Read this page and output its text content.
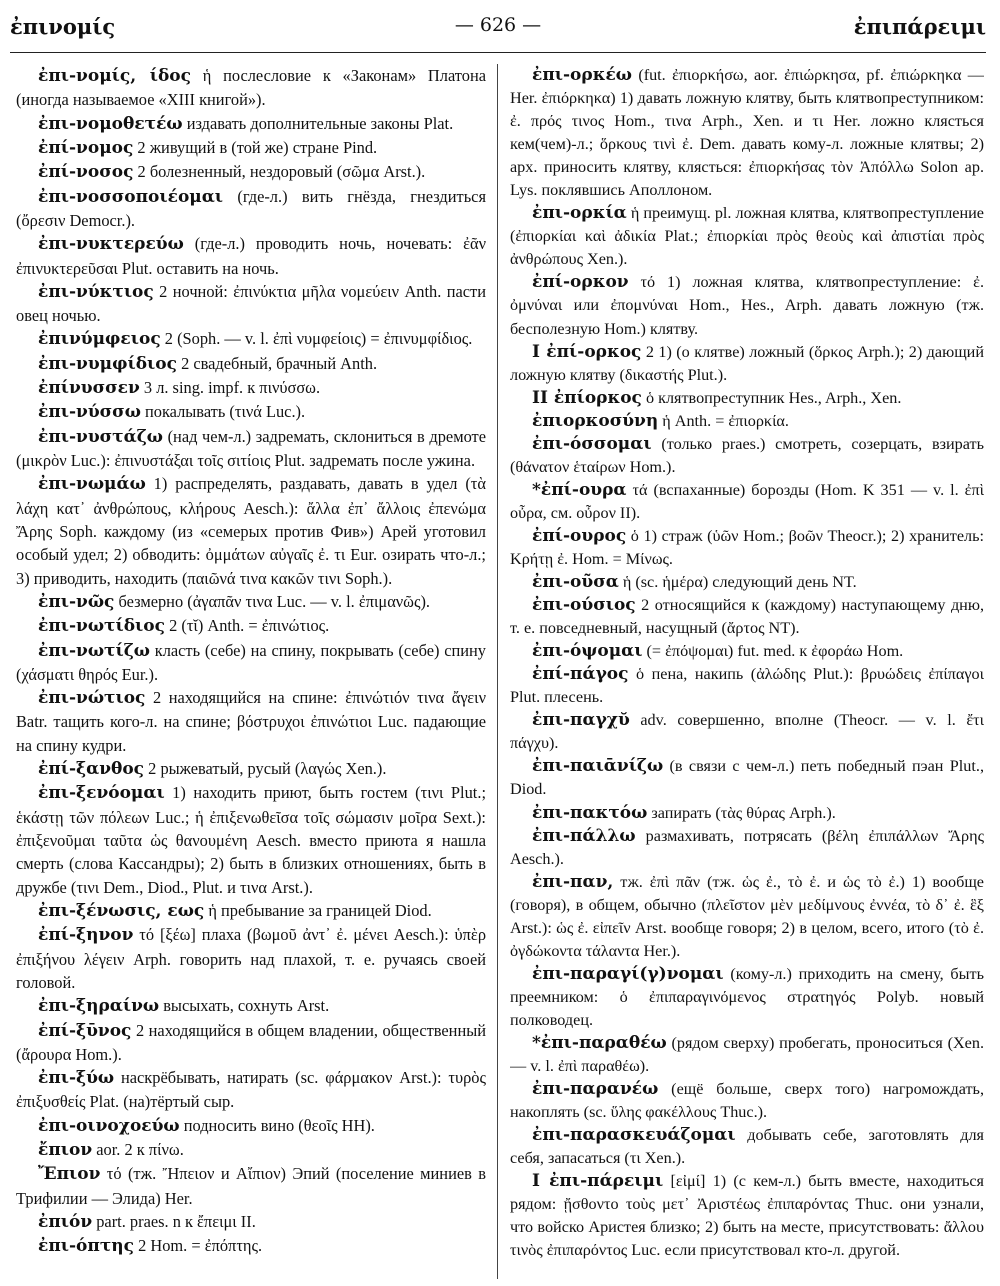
ἐπινομίς	— 626 —	ἐπιπάρειμι

ἐπι-νομίς, ίδος ἡ послесловие к «Законам» Платона (иногда называемое «XIII книгой»).

ἐπι-νομοθετέω издавать дополнительные законы Plat.

ἐπί-νομος 2 живущий в (той же) стране Pind.

ἐπί-νοσος 2 болезненный, нездоровый (σῶμα Arst.).

ἐπι-νοσσοποιέομαι (где-л.) вить гнёзда, гнездиться (ὄρεσιν Democr.).

ἐπι-νυκτερεύω (где-л.) проводить ночь, ночевать: ἐᾶν ἐπινυκτερεῦσαι Plut. оставить на ночь.

ἐπι-νύκτιος 2 ночной: ἐπινύκτια μῆλα νομεύειν Anth. пасти овец ночью.

ἐπινύμφειος 2 (Soph. — v. l. ἐπὶ νυμφείοις) = ἐπινυμφίδιος.

ἐπι-νυμφίδιος 2 свадебный, брачный Anth.

ἐπίνυσσεν 3 л. sing. impf. к πινύσσω.

ἐπι-νύσσω покалывать (τινά Luc.).

ἐπι-νυστάζω (над чем-л.) задремать, склониться в дремоте (μικρὸν Luc.): ἐπινυστάξαι τοῖς σιτίοις Plut. задремать после ужина.

ἐπι-νωμάω 1) распределять, раздавать, давать в удел (τὰ λάχη κατ᾽ ἀνθρώπους, κλήρους Aesch.): ἄλλα ἐπ᾽ ἄλλοις ἐπενώμα Ἄρης Soph. каждому (из «семерых против Фив») Арей уготовил особый удел; 2) обводить: ὀμμάτων αὐγαῖς ἐ. τι Eur. озирать что-л.; 3) приводить, находить (παιῶνά τινα κακῶν τινι Soph.).

ἐπι-νῶς безмерно (ἀγαπᾶν τινα Luc. — v. l. ἐπιμανῶς).

ἐπι-νωτίδιος 2 (τῐ) Anth. = ἐπινώτιος.

ἐπι-νωτίζω класть (себе) на спину, покрывать (себе) спину (χάσματι θηρός Eur.).

ἐπι-νώτιος 2 находящийся на спине: ἐπινώτιόν τινα ἄγειν Batr. тащить кого-л. на спине; βόστρυχοι ἐπινώτιοι Luc. падающие на спину кудри.

ἐπί-ξανθος 2 рыжеватый, русый (λαγώς Xen.).

ἐπι-ξενόομαι 1) находить приют, быть гостем (τινι Plut.; ἑκάστῃ τῶν πόλεων Luc.; ἡ ἐπιξενωθεῖσα τοῖς σώμασιν μοῖρα Sext.): ἐπιξενοῦμαι ταῦτα ὡς θανουμένη Aesch. вместо приюта я нашла смерть (слова Кассандры); 2) быть в близких отношениях, быть в дружбе (τινι Dem., Diod., Plut. и τινα Arst.).

ἐπι-ξένωσις, εως ἡ пребывание за границей Diod.

ἐπί-ξηνον τό [ξέω] плаха (βωμοῦ ἀντ᾽ ἐ. μένει Aesch.): ὑπὲρ ἐπιξήνου λέγειν Arph. говорить над плахой, т. е. ручаясь своей головой.

ἐπι-ξηραίνω высыхать, сохнуть Arst.

ἐπί-ξῡνος 2 находящийся в общем владении, общественный (ἄρουρα Hom.).

ἐπι-ξύω наскрёбывать, натирать (sc. φάρμακον Arst.): τυρὸς ἐπιξυσθείς Plat. (на)тёртый сыр.

ἐπι-οινοχοεύω подносить вино (θεοῖς HH).

ἔπιον aor. 2 к πίνω.

Ἔπιον τό (тж. Ἤπειον и Αἴπιον) Эпий (поселение миниев в Трифилии — Элида) Her.

ἐπιόν part. praes. n к ἔπειμι II.

ἐπι-όπτης 2 Hom. = ἐπόπτης.

ἐπι-ορκέω (fut. ἐπιορκήσω, aor. ἐπιώρκησα, pf. ἐπιώρκηκα — Her. ἐπιόρκηκα) 1) давать ложную клятву, быть клятвопреступником: ἐ. πρός τινος Hom., τινα Arph., Xen. и τι Her. ложно клясться кем(чем)-л.; ὅρκους τινὶ ἐ. Dem. давать кому-л. ложные клятвы; 2) арх. приносить клятву, клясться: ἐπιορκήσας τὸν Ἀπόλλω Solon ap. Lys. поклявшись Аполлоном.

ἐπι-ορκία ἡ преимущ. pl. ложная клятва, клятвопреступление (ἐπιορκίαι καὶ ἀδικία Plat.; ἐπιορκίαι πρὸς θεοὺς καὶ ἀπιστίαι πρὸς ἀνθρώπους Xen.).

ἐπί-ορκον τό 1) ложная клятва, клятвопреступление: ἐ. ὀμνύναι или ἐπομνύναι Hom., Hes., Arph. давать ложную (тж. бесполезную Hom.) клятву.

I ἐπί-ορκος 2 1) (о клятве) ложный (ὅρκος Arph.); 2) дающий ложную клятву (δικαστής Plut.).

II ἐπίορκος ὁ клятвопреступник Hes., Arph., Xen.

ἐπιορκοσύνη ἡ Anth. = ἐπιορκία.

ἐπι-όσσομαι (только praes.) смотреть, созерцать, взирать (θάνατον ἑταίρων Hom.).

*ἐπί-ουρα τά (вспаханные) борозды (Hom. K 351 — v. l. ἐπὶ οὖρα, см. οὖρον II).

ἐπί-ουρος ὁ 1) страж (ὑῶν Hom.; βοῶν Theocr.); 2) хранитель: Κρήτῃ ἐ. Hom. = Μίνως.

ἐπι-οῦσα ἡ (sc. ἡμέρα) следующий день NT.

ἐπι-ούσιος 2 относящийся к (каждому) наступающему дню, т. е. повседневный, насущный (ἄρτος NT).

ἐπι-όψομαι (= ἐπόψομαι) fut. med. к ἐφοράω Hom.

ἐπί-πάγος ὁ пена, накипь (ἀλώδης Plut.): βρυώδεις ἐπίπαγοι Plut. плесень.

ἐπι-παγχῠ adv. совершенно, вполне (Theocr. — v. l. ἔτι πάγχυ).

ἐπι-παιᾱνίζω (в связи с чем-л.) петь победный пэан Plut., Diod.

ἐπι-πακτόω запирать (τὰς θύρας Arph.).

ἐπι-πάλλω размахивать, потрясать (βέλη ἐπιπάλλων Ἄρης Aesch.).

ἐπι-παν, тж. ἐπὶ πᾶν (тж. ὡς ἐ., τὸ ἐ. и ὡς τὸ ἐ.) 1) вообще (говоря), в общем, обычно (πλεῖστον μὲν μεδίμνους ἐννέα, τὸ δ᾽ ἐ. ἓξ Arst.): ὡς ἐ. εἰπεῖν Arst. вообще говоря; 2) в целом, всего, итого (τὸ ἐ. ὀγδώκοντα τάλαντα Her.).

ἐπι-παραγί(γ)νομαι (кому-л.) приходить на смену, быть преемником: ὁ ἐπιπαραγινόμενος στρατηγός Polyb. новый полководец.

*ἐπι-παραθέω (рядом сверху) пробегать, проноситься (Xen. — v. l. ἐπὶ παραθέω).

ἐπι-παρανέω (ещё больше, сверх того) нагромождать, накоплять (sc. ὕλης φακέλλους Thuc.).

ἐπι-παρασκευάζομαι добывать себе, заготовлять для себя, запасаться (τι Xen.).

I ἐπι-πάρειμι [εἰμί] 1) (с кем-л.) быть вместе, находиться рядом: ᾔσθοντο τοὺς μετ᾽ Ἀριστέως ἐπιπαρόντας Thuc. они узнали, что войско Аристея близко; 2) быть на месте, присутствовать: ἄλλου τινὸς ἐπιπαρόντος Luc. если присутствовал кто-л. другой.
